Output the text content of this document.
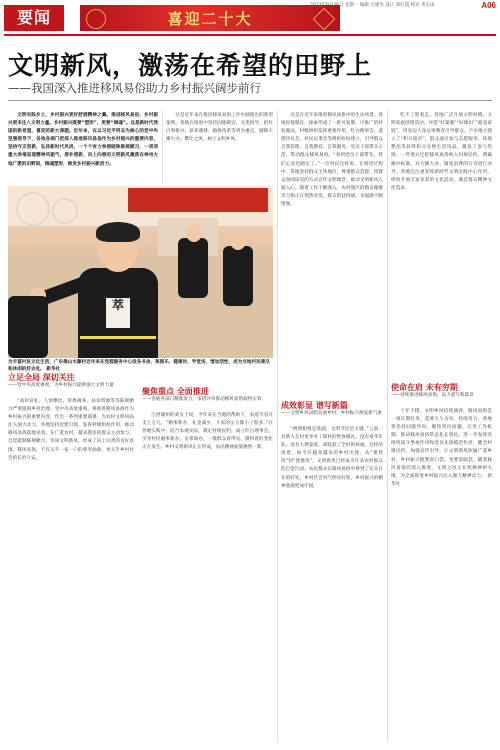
要闻	喜迎二十大
2022年9月26日 星期一 编辑 汪建华 设计 郑红霞 校对 黄东雨	A06
文明新风，激荡在希望的田野上
——我国深入推进移风易俗助力乡村振兴阔步前行

文明实践乡土，乡村振兴更好舒展精神之翼。推进移风易俗，乡村振兴更多注入文明力量。乡村振兴既要“塑形”，更要“铸魂”。这是新时代我国的新希望，喜迎的新大课题。近年来，在以习近平同志为核心的党中央坚强领导下，各地各部门把深入推进移风易俗作为乡村振兴的重要内容，坚持守正创新，弘扬新时代风尚，一个个有力举措破除陈规陋习，一项项重大举措显现精神风貌气，淳朴清新、向上向善的文明新风激荡在神州大地广袤的田野间，铸魂塑形，焕发乡村振兴新活力。

这是近年来在推进移风易俗工作中涌现出的典型案例。各地在推进中坚持因地制宜、分类指导，把红白事新办、厚养薄葬、婚俗改革等列为重点，破除大操大办、攀比之风，树立文明乡风。

萃
为丰富村民文化生活，广东佛山水藤村近年来在党群服务中心设各书舍、视图乐、健康坊、学堂场，增加活性，成为当地村民课交和休闲的好去处。 新华社

这是在近年来推进移风易俗中的生动场景。各地因地制宜，探索形成了一批可复制、可推广的经验做法。村级组织发挥重要作用，红白理事会、道德评议会、村民议事会等组织纷纷建立，引导群众自我管理、自我教育、自我服务。党员干部带头示范，带动群众移风易俗。“看到党员干部带头，我们心里也踏实了。”一位村民这样说。在推进过程中，各地坚持群众主体地位，尊重群众意愿，用群众喜闻乐见的方式宣传文明理念，推动文明新风入脑入心。随着工作不断深入，农村地区的婚丧嫁娶等习俗正在悄然改变，群众的获得感、幸福感不断增强。

吃不了兜着走。各地广泛开展文明村镇、文明家庭创建活动，评选“好婆婆”“好媳妇”“最美家庭”，用身边人身边事教育引导群众。不少地方建立了“积分超市”，群众通过参与志愿服务、环境整治等获得积分兑换生活用品，激发了参与热情。一些地方还把移风易俗纳入村规民约，明确操办标准，对大操大办、铺张浪费的行为进行劝导。各地还注重发挥新时代文明实践中心作用，组织开展丰富多彩的文化活动，满足群众精神文化需求。

立足全局 深切关注
——党中央高度重视，为乡村振兴提供强大文明力量

“高价彩礼、人情攀比、厚葬薄养，扶贫资源等等陈规陋习严重阻碍乡村治理。党中央高度重视，将推进移风易俗作为乡村振兴的重要内容，作出一系列重要部署，为农村文明风尚注入强大动力。各地坚持党建引领，发挥村级组织作用，推动移风易俗落地见效。在广袤农村，越来越多的群众主动参与，自觉抵制陈规陋习，崇尚文明新风，形成了向上向善的良好氛围。移风易俗，不仅关乎一家一户的柴米油盐，更关乎乡村社会的长治久安。

聚焦重点 全面推进
——各地各部门精准发力，多措并举推动移风易俗取得实效

江西赣州的刘女士说，今年来在当地的帮助下，家庭节省开支上万元。“婚事新办，礼金减少，大家的压力都小了很多。”在各地实践中，结合本地实际，制定村规民约，成立红白理事会，引导村民婚事新办、丧事简办，一批群众看得见、摸得着的变化正在发生。乡村文明新风正在形成，农民精神面貌焕然一新。

成效彰显 谱写新篇
——文明乡风浸润美丽乡村，乡村振兴焕发新气象

“两情相悦是基础，文明节俭是关键。”云南一对新人在村里举办了简朴的集体婚礼，没有豪华车队，没有大摆宴席，却收获了全村的祝福。这样的场景，如今在越来越多的乡村出现。从“要我改”到“我要改”，文明新风已经成为许多农村群众的自觉行动。农民群众在移风易俗中得到了实实在在的好处，乡村社会风气明显好转，乡村振兴的精神基础更加牢固。

使命在肩 未有穷期
——持续推进移风易俗，奋力谱写新篇章

十年不辍，文明乡风持续涵养。移风易俗是一项长期任务，需要久久为功、持续用力。各地将坚持问题导向，聚焦突出问题，完善工作机制，推动移风易俗常态化长效化。进一步发挥党组织战斗堡垒作用和党员先锋模范作用，健全村规民约，加强宣传引导，让文明新风吹遍广袤乡村。乡村振兴既要富口袋，也要富脑袋。随着移风易俗的深入推进，文明之风正在吹拂神州大地，为全面推进乡村振兴注入强大精神动力。 新华社
